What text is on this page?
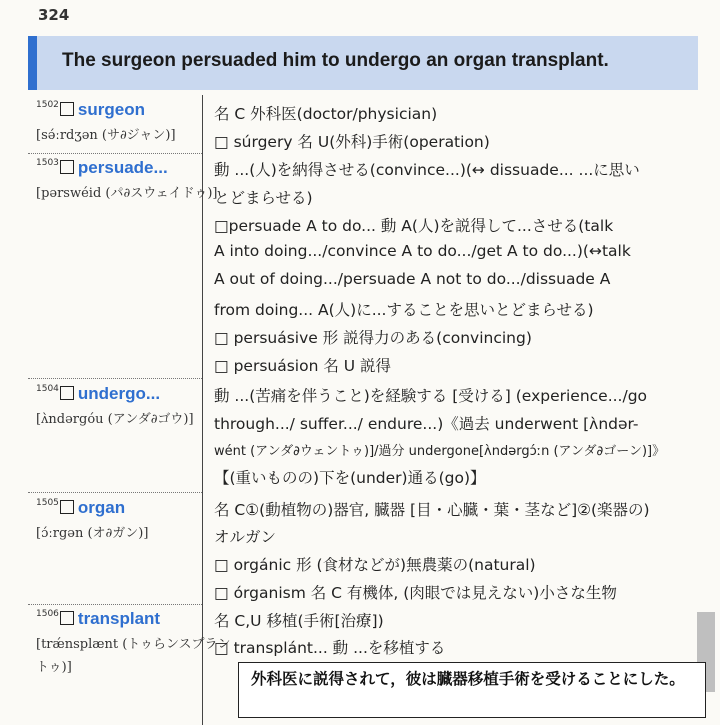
324
The surgeon persuaded him to undergo an organ transplant.
$^{1502}$ surgeon
[sə́ːrdʒən (サ∂ジャン)]
$^{1503}$ persuade...
[pərswéid (パ∂スウェイドゥ)]
$^{1504}$ undergo...
[ʌ̀ndərgóu (アンダ∂ゴウ)]
$^{1505}$ organ
[ɔ́ːrgən (オ∂ガン)]
$^{1506}$ transplant
[trǽnsplænt (トゥらンスプラン
トゥ)]
名 C 外科医(doctor/physician)
□ súrgery 名 U(外科)手術(operation)
動 ...(人)を納得させる(convince...)(↔ dissuade... ...に思い
とどまらせる)
□persuade A to do... 動 A(人)を説得して...させる(talk
A into doing.../convince A to do.../get A to do...)(↔talk
A out of doing.../persuade A not to do.../dissuade A
from doing... A(人)に...することを思いとどまらせる)
□ persuásive 形 説得力のある(convincing)
□ persuásion 名 U 説得
動 ...(苦痛を伴うこと)を経験する [受ける] (experience.../go
through.../ suffer.../ endure...)《過去 underwent [ʌ̀ndər-
wént (アンダ∂ウェントゥ)]/過分 undergone[ʌ̀ndərgɔ́ːn (アンダ∂ゴーン)]》
【(重いものの)下を(under)通る(go)】
名 C①(動植物の)器官, 臓器 [目・心臓・葉・茎など]②(楽器の)
オルガン
□ orgánic 形 (食材などが)無農薬の(natural)
□ órganism 名 C 有機体, (肉眼では見えない)小さな生物
名 C,U 移植(手術[治療])
□ transplánt... 動 ...を移植する
外科医に説得されて，彼は臓器移植手術を受けることにした。
